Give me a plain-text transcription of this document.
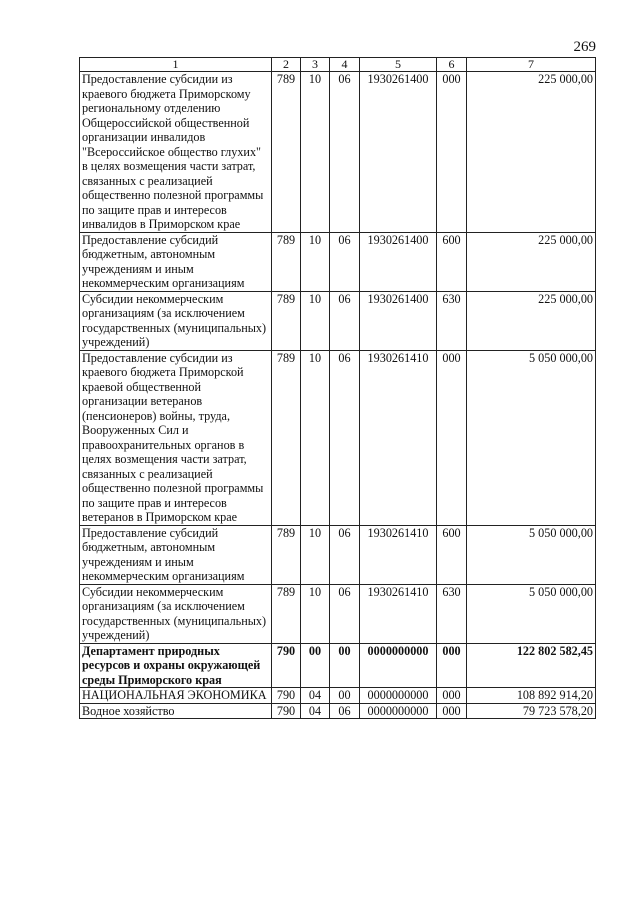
269
1	2	3	4	5	6	7
Предоставление субсидии из краевого бюджета Приморскому региональному отделению Общероссийской общественной организации инвалидов "Всероссийское общество глухих" в целях возмещения части затрат, связанных с реализацией общественно полезной программы по защите прав и интересов инвалидов в Приморском крае	789	10	06	1930261400	000	225 000,00
Предоставление субсидий бюджетным, автономным учреждениям и иным некоммерческим организациям	789	10	06	1930261400	600	225 000,00
Субсидии некоммерческим организациям (за исключением государственных (муниципальных) учреждений)	789	10	06	1930261400	630	225 000,00
Предоставление субсидии из краевого бюджета Приморской краевой общественной организации ветеранов (пенсионеров) войны, труда, Вооруженных Сил и правоохранительных органов в целях возмещения части затрат, связанных с реализацией общественно полезной программы по защите прав и интересов ветеранов в Приморском крае	789	10	06	1930261410	000	5 050 000,00
Предоставление субсидий бюджетным, автономным учреждениям и иным некоммерческим организациям	789	10	06	1930261410	600	5 050 000,00
Субсидии некоммерческим организациям (за исключением государственных (муниципальных) учреждений)	789	10	06	1930261410	630	5 050 000,00
Департамент природных ресурсов и охраны окружающей среды Приморского края	790	00	00	0000000000	000	122 802 582,45
НАЦИОНАЛЬНАЯ ЭКОНОМИКА	790	04	00	0000000000	000	108 892 914,20
Водное хозяйство	790	04	06	0000000000	000	79 723 578,20
